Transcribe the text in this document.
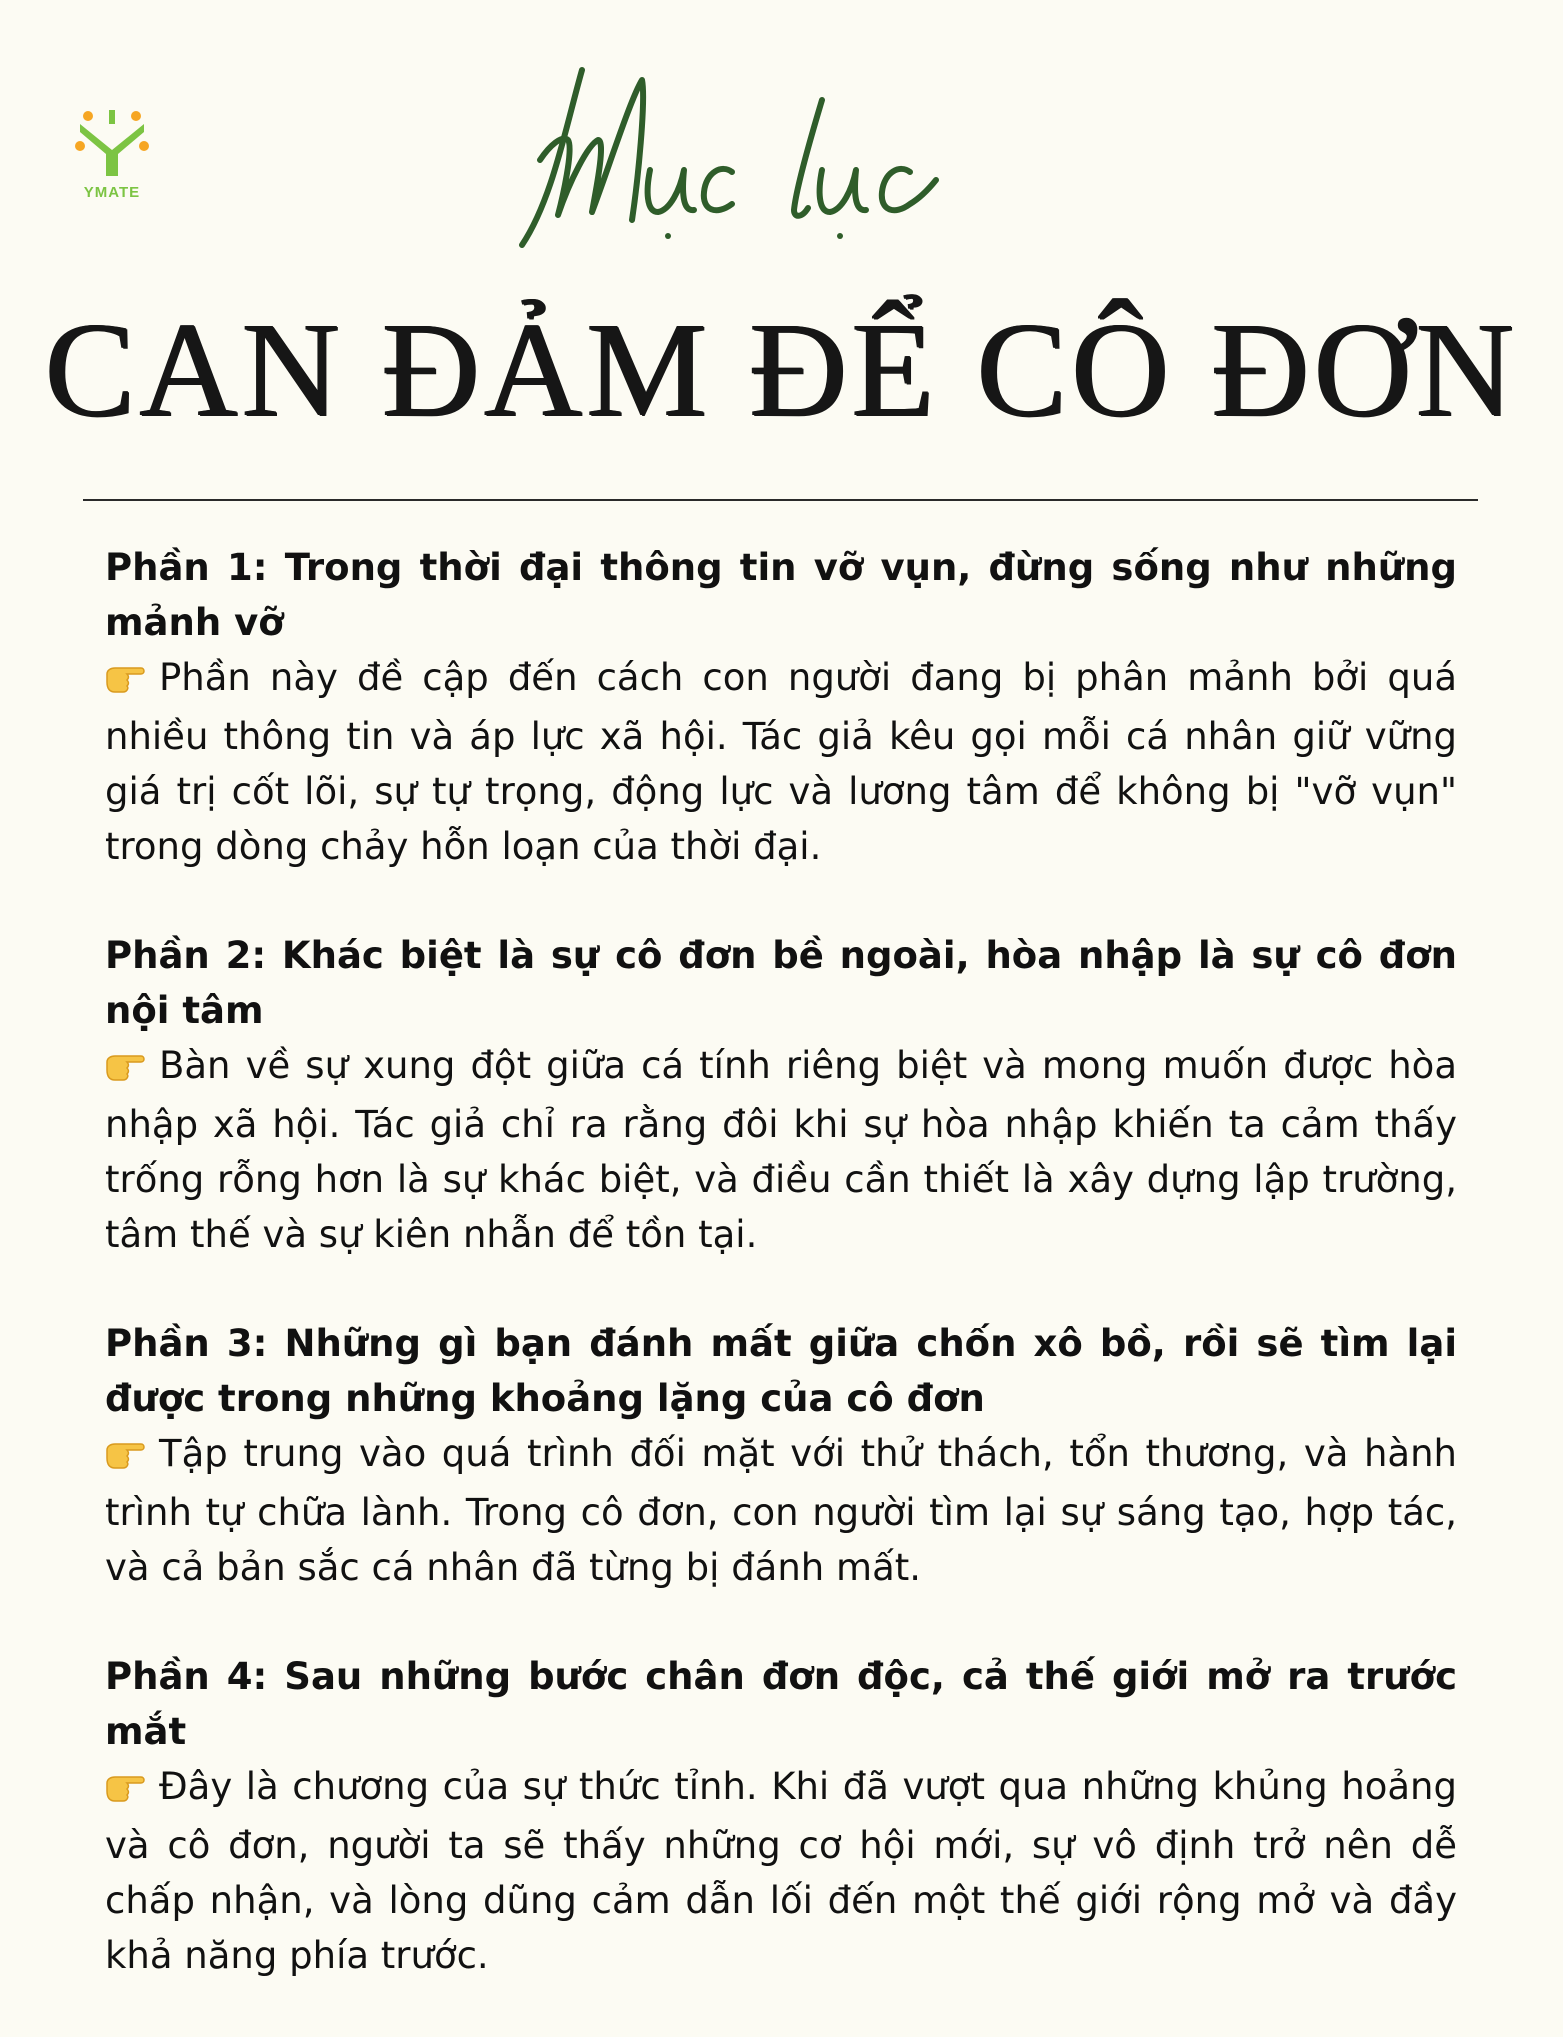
YMATE
CAN ĐẢM ĐỂ CÔ ĐƠN

Phần 1: Trong thời đại thông tin vỡ vụn, đừng sống như những mảnh vỡ

Phần này đề cập đến cách con người đang bị phân mảnh bởi quá nhiều thông tin và áp lực xã hội. Tác giả kêu gọi mỗi cá nhân giữ vững giá trị cốt lõi, sự tự trọng, động lực và lương tâm để không bị "vỡ vụn" trong dòng chảy hỗn loạn của thời đại.

Phần 2: Khác biệt là sự cô đơn bề ngoài, hòa nhập là sự cô đơn nội tâm

Bàn về sự xung đột giữa cá tính riêng biệt và mong muốn được hòa nhập xã hội. Tác giả chỉ ra rằng đôi khi sự hòa nhập khiến ta cảm thấy trống rỗng hơn là sự khác biệt, và điều cần thiết là xây dựng lập trường, tâm thế và sự kiên nhẫn để tồn tại.

Phần 3: Những gì bạn đánh mất giữa chốn xô bồ, rồi sẽ tìm lại được trong những khoảng lặng của cô đơn

Tập trung vào quá trình đối mặt với thử thách, tổn thương, và hành trình tự chữa lành. Trong cô đơn, con người tìm lại sự sáng tạo, hợp tác, và cả bản sắc cá nhân đã từng bị đánh mất.

Phần 4: Sau những bước chân đơn độc, cả thế giới mở ra trước mắt

Đây là chương của sự thức tỉnh. Khi đã vượt qua những khủng hoảng và cô đơn, người ta sẽ thấy những cơ hội mới, sự vô định trở nên dễ chấp nhận, và lòng dũng cảm dẫn lối đến một thế giới rộng mở và đầy khả năng phía trước.
